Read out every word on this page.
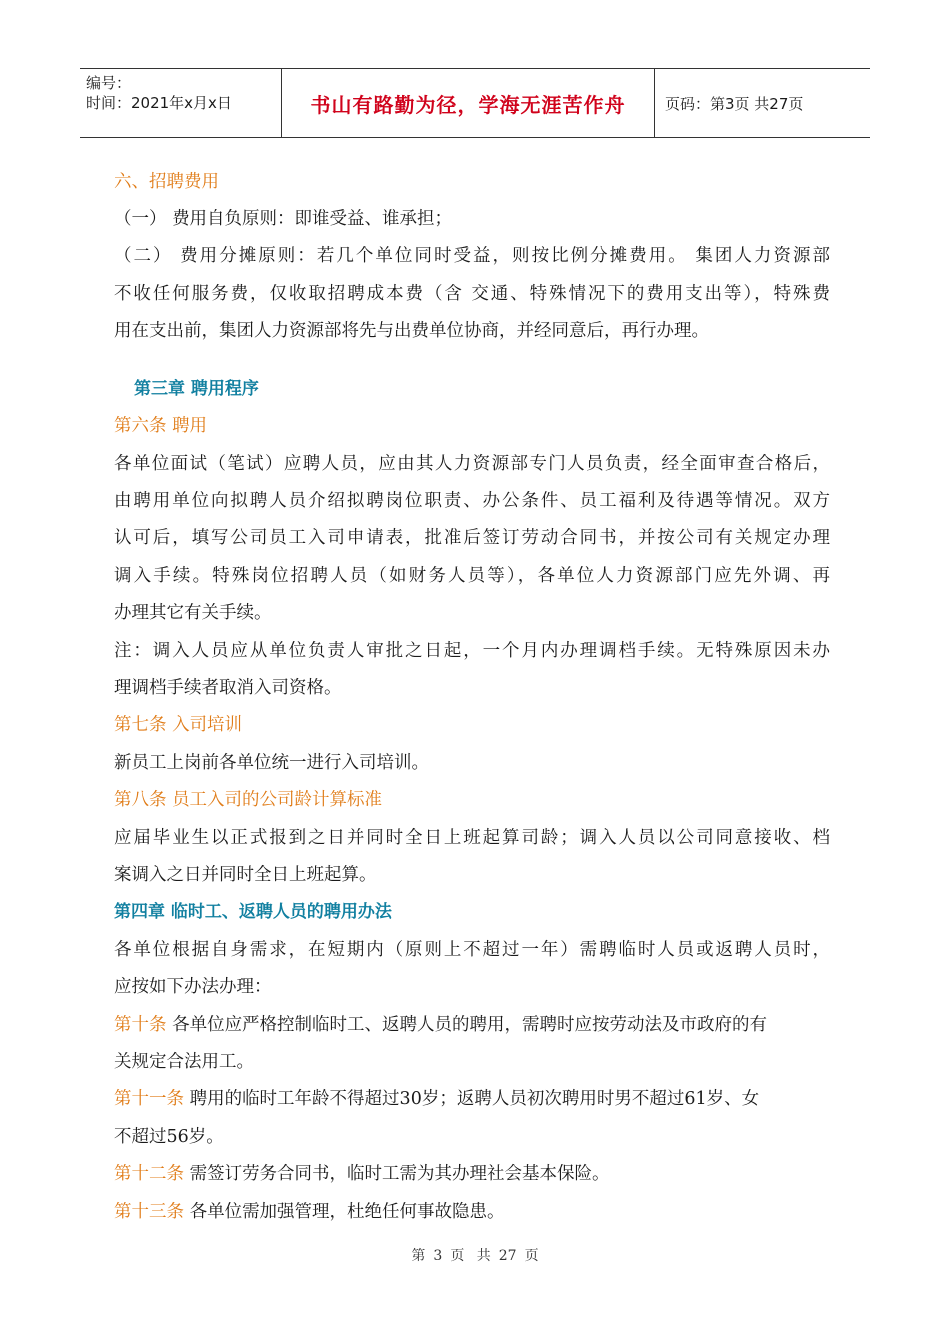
编号：
时间：2021年x月x日	书山有路勤为径，学海无涯苦作舟	页码：第3页 共27页
六、招聘费用
（一） 费用自负原则：即谁受益、谁承担；
（二） 费用分摊原则：若几个单位同时受益，则按比例分摊费用。 集团人力资源部
不收任何服务费，仅收取招聘成本费（含 交通、特殊情况下的费用支出等），特殊费
用在支出前，集团人力资源部将先与出费单位协商，并经同意后，再行办理。
第三章 聘用程序
第六条 聘用
各单位面试（笔试）应聘人员，应由其人力资源部专门人员负责，经全面审查合格后，
由聘用单位向拟聘人员介绍拟聘岗位职责、办公条件、员工福利及待遇等情况。双方
认可后，填写公司员工入司申请表，批准后签订劳动合同书，并按公司有关规定办理
调入手续。特殊岗位招聘人员（如财务人员等），各单位人力资源部门应先外调、再
办理其它有关手续。
注：调入人员应从单位负责人审批之日起，一个月内办理调档手续。无特殊原因未办
理调档手续者取消入司资格。
第七条 入司培训
新员工上岗前各单位统一进行入司培训。
第八条 员工入司的公司龄计算标准
应届毕业生以正式报到之日并同时全日上班起算司龄；调入人员以公司同意接收、档
案调入之日并同时全日上班起算。
第四章 临时工、返聘人员的聘用办法
各单位根据自身需求，在短期内（原则上不超过一年）需聘临时人员或返聘人员时，
应按如下办法办理：
第十条 各单位应严格控制临时工、返聘人员的聘用，需聘时应按劳动法及市政府的有
关规定合法用工。
第十一条 聘用的临时工年龄不得超过30岁；返聘人员初次聘用时男不超过61岁、女
不超过56岁。
第十二条 需签订劳务合同书，临时工需为其办理社会基本保险。
第十三条 各单位需加强管理，杜绝任何事故隐患。
第 3 页 共 27 页
